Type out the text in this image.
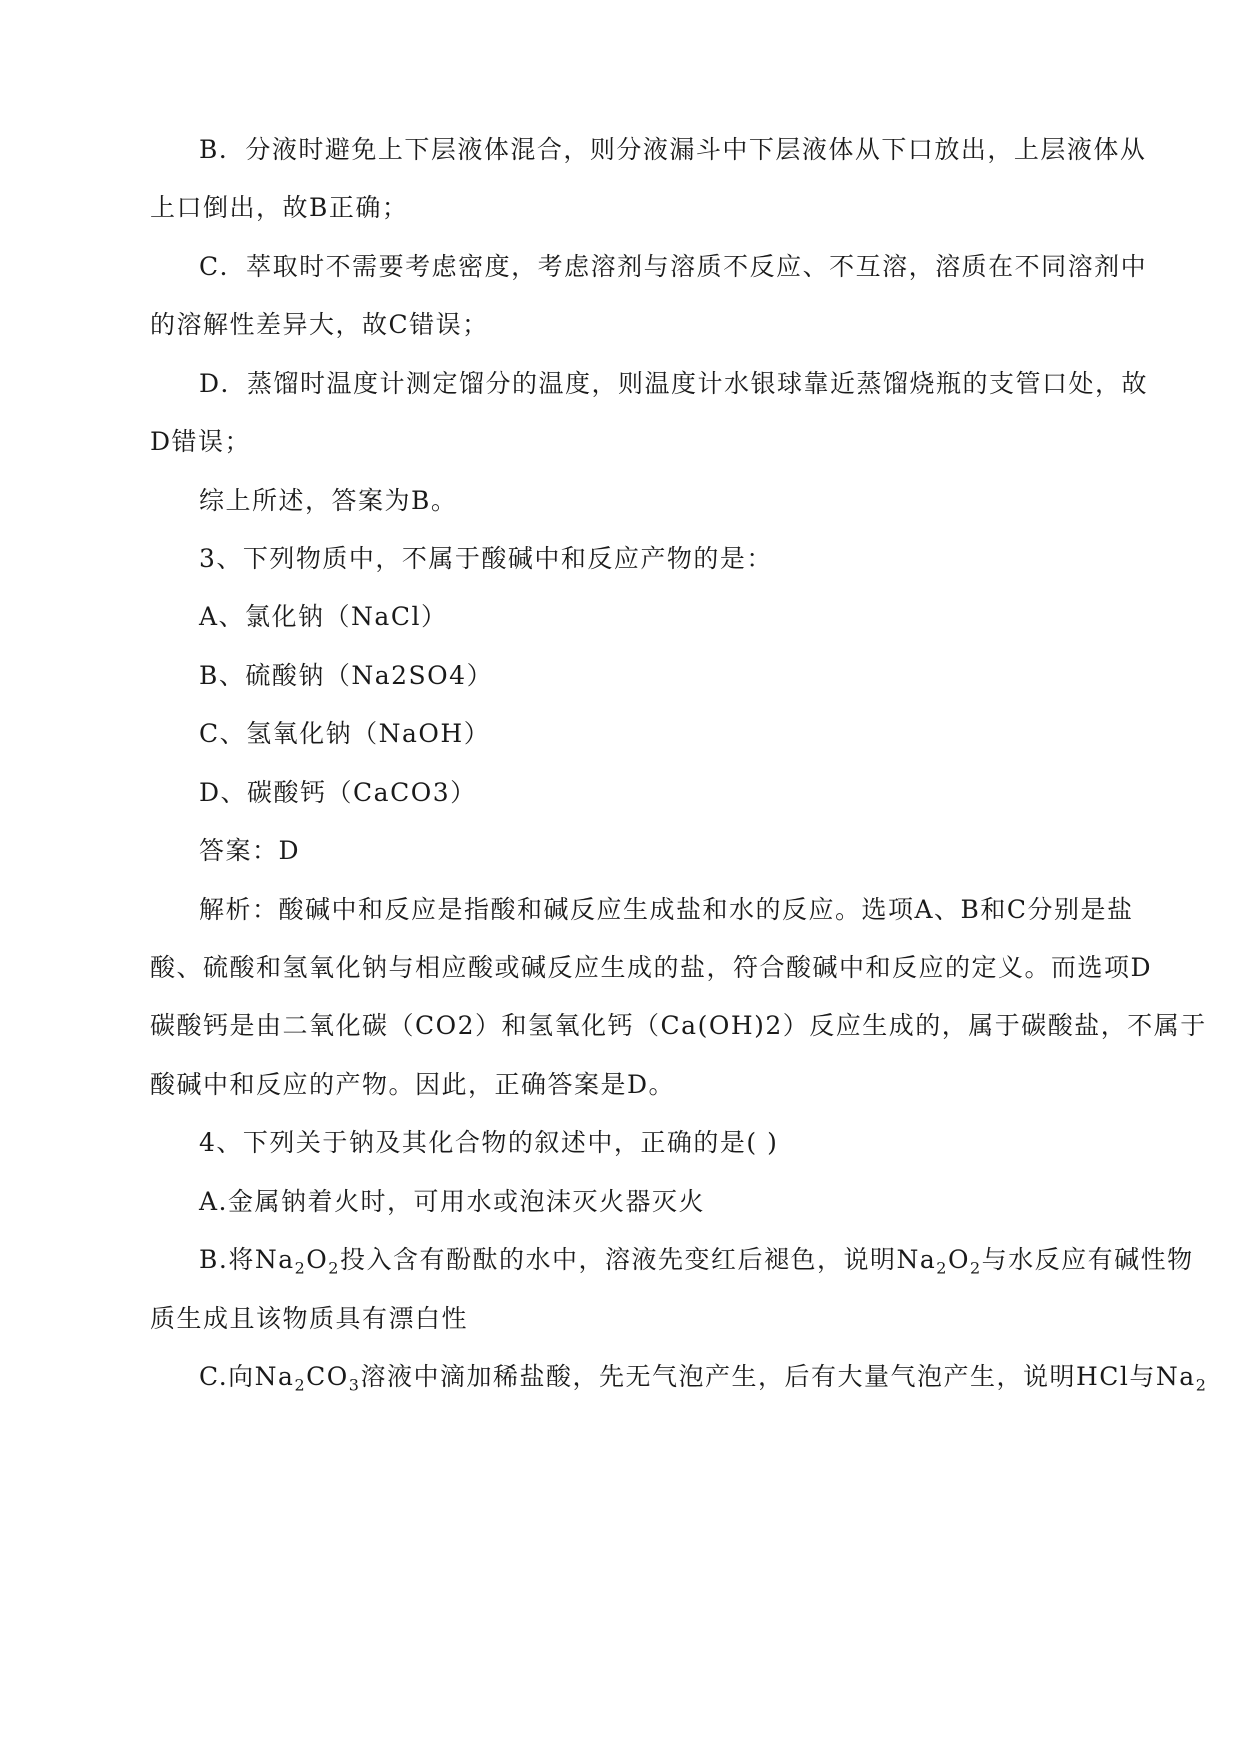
B．分液时避免上下层液体混合，则分液漏斗中下层液体从下口放出，上层液体从
上口倒出，故B正确；
C．萃取时不需要考虑密度，考虑溶剂与溶质不反应、不互溶，溶质在不同溶剂中
的溶解性差异大，故C错误；
D．蒸馏时温度计测定馏分的温度，则温度计水银球靠近蒸馏烧瓶的支管口处，故
D错误；
综上所述，答案为B。
3、下列物质中，不属于酸碱中和反应产物的是：
A、氯化钠（NaCl）
B、硫酸钠（Na2SO4）
C、氢氧化钠（NaOH）
D、碳酸钙（CaCO3）
答案：D
解析：酸碱中和反应是指酸和碱反应生成盐和水的反应。选项A、B和C分别是盐
酸、硫酸和氢氧化钠与相应酸或碱反应生成的盐，符合酸碱中和反应的定义。而选项D
碳酸钙是由二氧化碳（CO2）和氢氧化钙（Ca(OH)2）反应生成的，属于碳酸盐，不属于
酸碱中和反应的产物。因此，正确答案是D。
4、下列关于钠及其化合物的叙述中，正确的是( )
A.金属钠着火时，可用水或泡沫灭火器灭火
B.将$Na_2O_2$投入含有酚酞的水中，溶液先变红后褪色，说明$Na_2O_2$与水反应有碱性物
质生成且该物质具有漂白性
C.向$Na_2CO_3$溶液中滴加稀盐酸，先无气泡产生，后有大量气泡产生，说明HCl与$Na_2$
